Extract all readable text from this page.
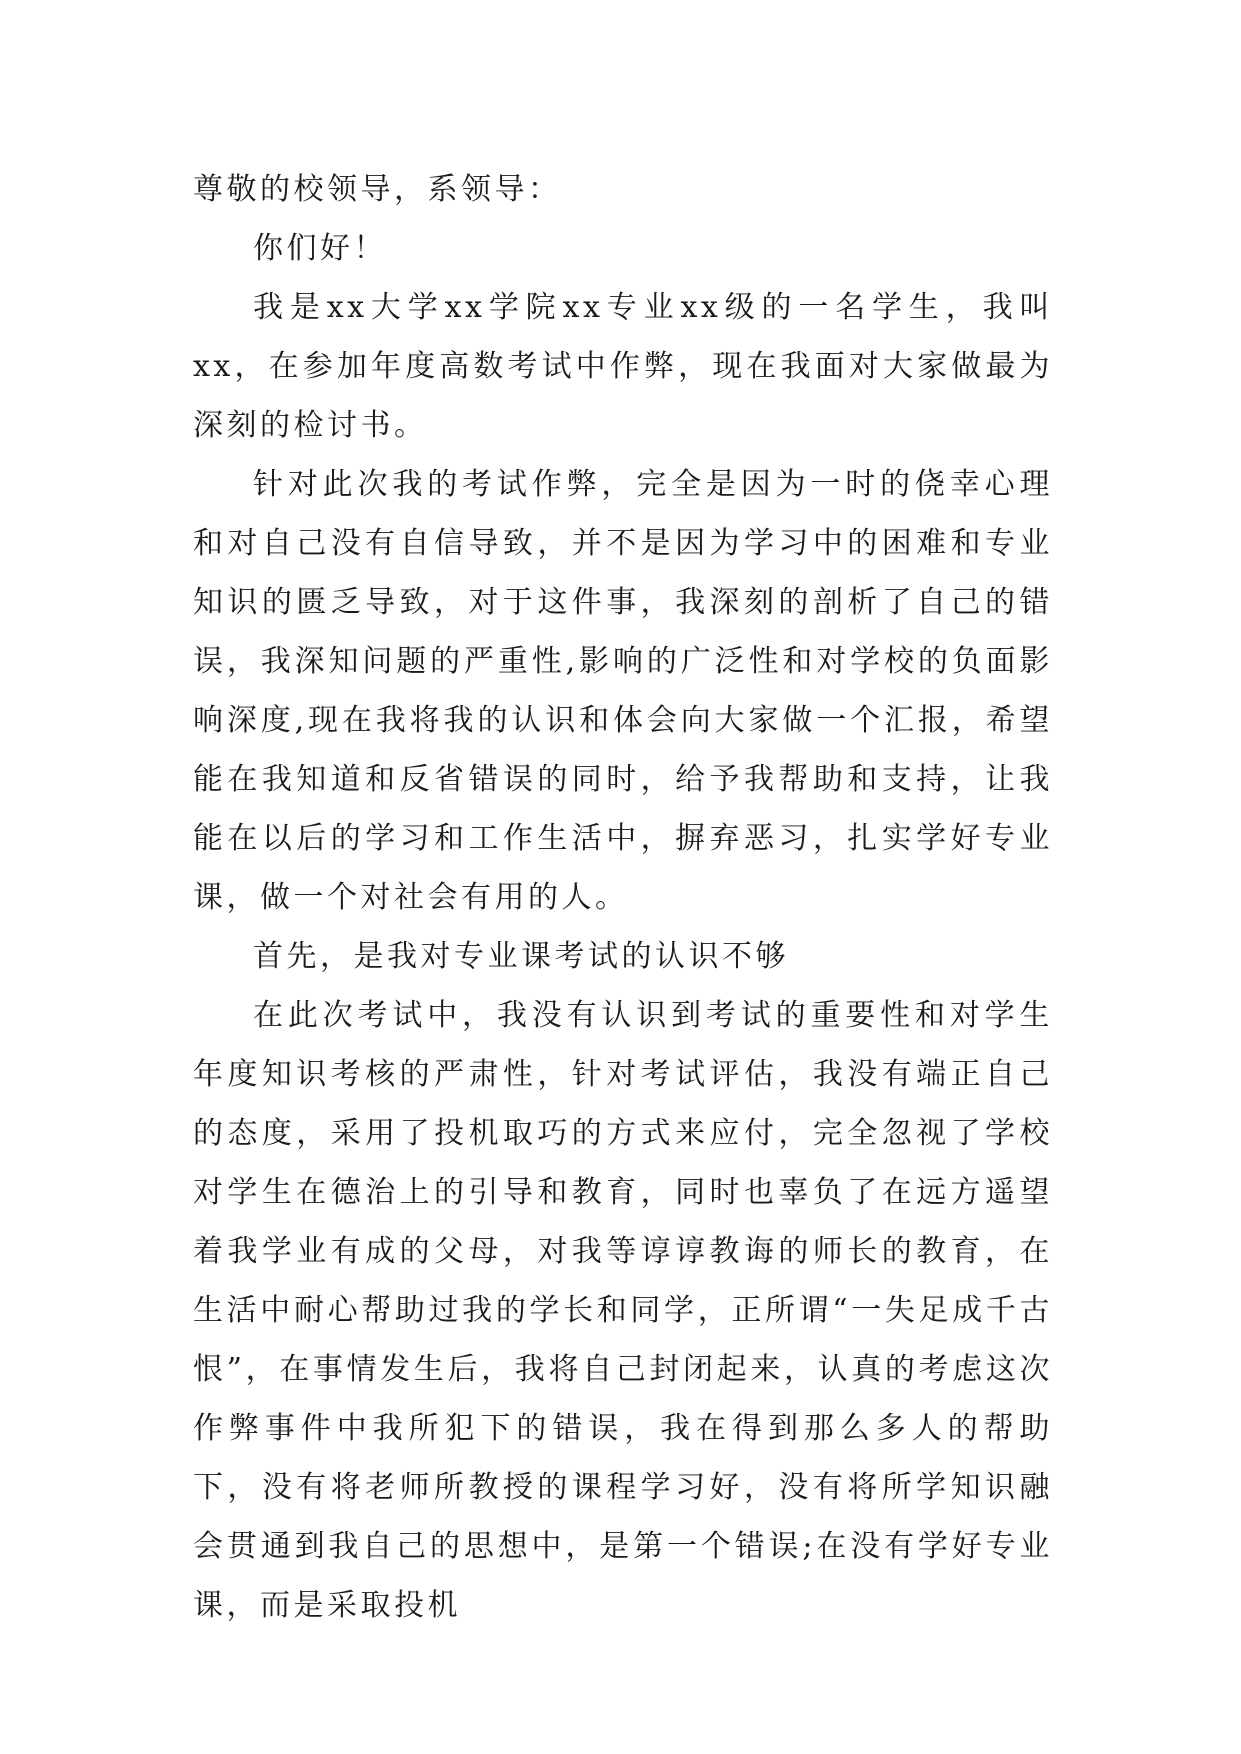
尊敬的校领导，系领导：

你们好！

我是xx大学xx学院xx专业xx级的一名学生，我叫xx，在参加年度高数考试中作弊，现在我面对大家做最为深刻的检讨书。

针对此次我的考试作弊，完全是因为一时的侥幸心理和对自己没有自信导致，并不是因为学习中的困难和专业知识的匮乏导致，对于这件事，我深刻的剖析了自己的错误，我深知问题的严重性,影响的广泛性和对学校的负面影响深度,现在我将我的认识和体会向大家做一个汇报，希望能在我知道和反省错误的同时，给予我帮助和支持，让我能在以后的学习和工作生活中，摒弃恶习，扎实学好专业课，做一个对社会有用的人。

首先，是我对专业课考试的认识不够

在此次考试中，我没有认识到考试的重要性和对学生年度知识考核的严肃性，针对考试评估，我没有端正自己的态度，采用了投机取巧的方式来应付，完全忽视了学校对学生在德治上的引导和教育，同时也辜负了在远方遥望着我学业有成的父母，对我等谆谆教诲的师长的教育，在生活中耐心帮助过我的学长和同学，正所谓“一失足成千古恨”，在事情发生后，我将自己封闭起来，认真的考虑这次作弊事件中我所犯下的错误，我在得到那么多人的帮助下，没有将老师所教授的课程学习好，没有将所学知识融会贯通到我自己的思想中，是第一个错误;在没有学好专业课，而是采取投机
